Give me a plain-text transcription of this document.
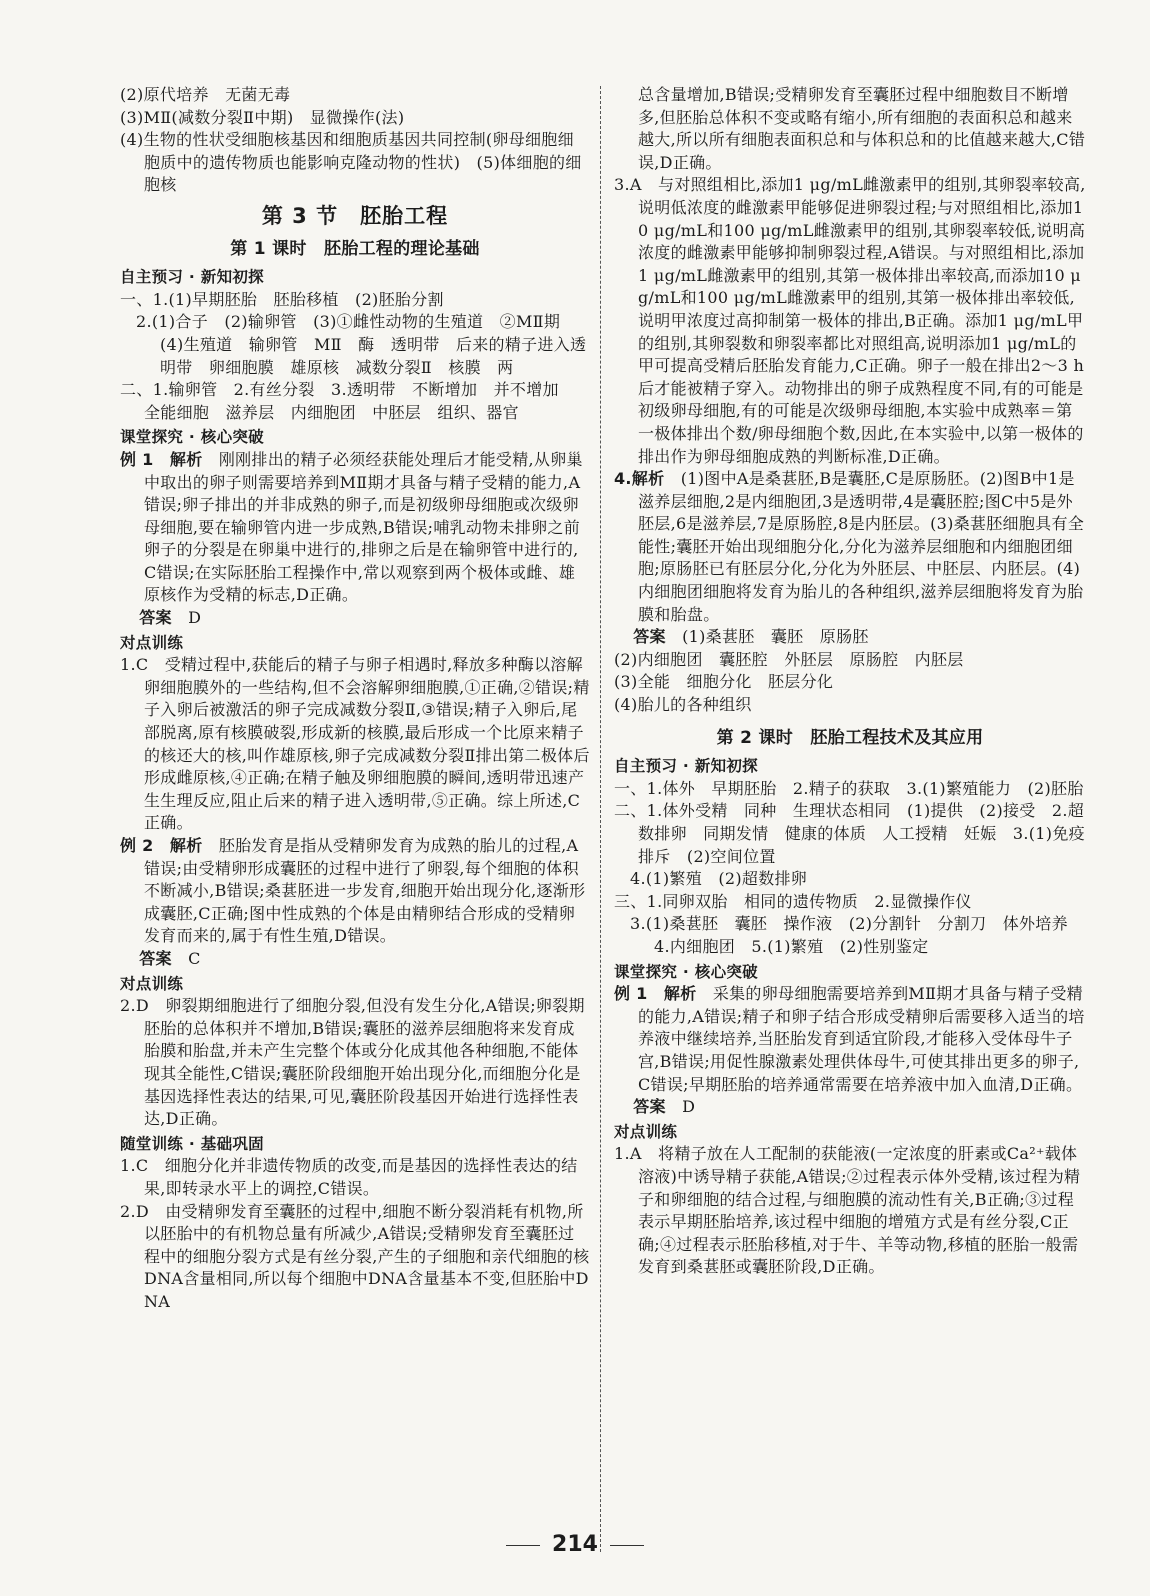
(2)原代培养　无菌无毒

(3)MⅡ(减数分裂Ⅱ中期)　显微操作(法)

(4)生物的性状受细胞核基因和细胞质基因共同控制(卵母细胞细胞质中的遗传物质也能影响克隆动物的性状)　(5)体细胞的细胞核

第 3 节　胚胎工程
第 1 课时　胚胎工程的理论基础
自主预习 · 新知初探

一、1.(1)早期胚胎　胚胎移植　(2)胚胎分割

2.(1)合子　(2)输卵管　(3)①雌性动物的生殖道　②MⅡ期　(4)生殖道　输卵管　MⅡ　酶　透明带　后来的精子进入透明带　卵细胞膜　雄原核　减数分裂Ⅱ　核膜　两

二、1.输卵管　2.有丝分裂　3.透明带　不断增加　并不增加　全能细胞　滋养层　内细胞团　中胚层　组织、器官

课堂探究 · 核心突破

例 1　解析　 刚刚排出的精子必须经获能处理后才能受精,从卵巢中取出的卵子则需要培养到MⅡ期才具备与精子受精的能力,A错误;卵子排出的并非成熟的卵子,而是初级卵母细胞或次级卵母细胞,要在输卵管内进一步成熟,B错误;哺乳动物未排卵之前卵子的分裂是在卵巢中进行的,排卵之后是在输卵管中进行的,C错误;在实际胚胎工程操作中,常以观察到两个极体或雌、雄原核作为受精的标志,D正确。

答案　 D

对点训练

1.C　受精过程中,获能后的精子与卵子相遇时,释放多种酶以溶解卵细胞膜外的一些结构,但不会溶解卵细胞膜,①正确,②错误;精子入卵后被激活的卵子完成减数分裂Ⅱ,③错误;精子入卵后,尾部脱离,原有核膜破裂,形成新的核膜,最后形成一个比原来精子的核还大的核,叫作雄原核,卵子完成减数分裂Ⅱ排出第二极体后形成雌原核,④正确;在精子触及卵细胞膜的瞬间,透明带迅速产生生理反应,阻止后来的精子进入透明带,⑤正确。综上所述,C正确。

例 2　解析　 胚胎发育是指从受精卵发育为成熟的胎儿的过程,A错误;由受精卵形成囊胚的过程中进行了卵裂,每个细胞的体积不断减小,B错误;桑葚胚进一步发育,细胞开始出现分化,逐渐形成囊胚,C正确;图中性成熟的个体是由精卵结合形成的受精卵发育而来的,属于有性生殖,D错误。

答案　 C

对点训练

2.D　卵裂期细胞进行了细胞分裂,但没有发生分化,A错误;卵裂期胚胎的总体积并不增加,B错误;囊胚的滋养层细胞将来发育成胎膜和胎盘,并未产生完整个体或分化成其他各种细胞,不能体现其全能性,C错误;囊胚阶段细胞开始出现分化,而细胞分化是基因选择性表达的结果,可见,囊胚阶段基因开始进行选择性表达,D正确。

随堂训练 · 基础巩固

1.C　细胞分化并非遗传物质的改变,而是基因的选择性表达的结果,即转录水平上的调控,C错误。

2.D　由受精卵发育至囊胚的过程中,细胞不断分裂消耗有机物,所以胚胎中的有机物总量有所减少,A错误;受精卵发育至囊胚过程中的细胞分裂方式是有丝分裂,产生的子细胞和亲代细胞的核DNA含量相同,所以每个细胞中DNA含量基本不变,但胚胎中DNA

总含量增加,B错误;受精卵发育至囊胚过程中细胞数目不断增多,但胚胎总体积不变或略有缩小,所有细胞的表面积总和越来越大,所以所有细胞表面积总和与体积总和的比值越来越大,C错误,D正确。

3.A　与对照组相比,添加1 μg/mL雌激素甲的组别,其卵裂率较高,说明低浓度的雌激素甲能够促进卵裂过程;与对照组相比,添加10 μg/mL和100 μg/mL雌激素甲的组别,其卵裂率较低,说明高浓度的雌激素甲能够抑制卵裂过程,A错误。与对照组相比,添加1 μg/mL雌激素甲的组别,其第一极体排出率较高,而添加10 μg/mL和100 μg/mL雌激素甲的组别,其第一极体排出率较低,说明甲浓度过高抑制第一极体的排出,B正确。添加1 μg/mL甲的组别,其卵裂数和卵裂率都比对照组高,说明添加1 μg/mL的甲可提高受精后胚胎发育能力,C正确。卵子一般在排出2～3 h后才能被精子穿入。动物排出的卵子成熟程度不同,有的可能是初级卵母细胞,有的可能是次级卵母细胞,本实验中成熟率＝第一极体排出个数/卵母细胞个数,因此,在本实验中,以第一极体的排出作为卵母细胞成熟的判断标准,D正确。

4.解析　 (1)图中A是桑葚胚,B是囊胚,C是原肠胚。(2)图B中1是滋养层细胞,2是内细胞团,3是透明带,4是囊胚腔;图C中5是外胚层,6是滋养层,7是原肠腔,8是内胚层。(3)桑葚胚细胞具有全能性;囊胚开始出现细胞分化,分化为滋养层细胞和内细胞团细胞;原肠胚已有胚层分化,分化为外胚层、中胚层、内胚层。(4)内细胞团细胞将发育为胎儿的各种组织,滋养层细胞将发育为胎膜和胎盘。

答案　 (1)桑葚胚　囊胚　原肠胚

(2)内细胞团　囊胚腔　外胚层　原肠腔　内胚层

(3)全能　细胞分化　胚层分化

(4)胎儿的各种组织

第 2 课时　胚胎工程技术及其应用
自主预习 · 新知初探

一、1.体外　早期胚胎　2.精子的获取　3.(1)繁殖能力　(2)胚胎

二、1.体外受精　同种　生理状态相同　(1)提供　(2)接受　2.超数排卵　同期发情　健康的体质　人工授精　妊娠　3.(1)免疫排斥　(2)空间位置

4.(1)繁殖　(2)超数排卵

三、1.同卵双胎　相同的遗传物质　2.显微操作仪

3.(1)桑葚胚　囊胚　操作液　(2)分割针　分割刀　体外培养　4.内细胞团　5.(1)繁殖　(2)性别鉴定

课堂探究 · 核心突破

例 1　解析　 采集的卵母细胞需要培养到MⅡ期才具备与精子受精的能力,A错误;精子和卵子结合形成受精卵后需要移入适当的培养液中继续培养,当胚胎发育到适宜阶段,才能移入受体母牛子宫,B错误;用促性腺激素处理供体母牛,可使其排出更多的卵子,C错误;早期胚胎的培养通常需要在培养液中加入血清,D正确。

答案　 D

对点训练

1.A　将精子放在人工配制的获能液(一定浓度的肝素或Ca²⁺载体溶液)中诱导精子获能,A错误;②过程表示体外受精,该过程为精子和卵细胞的结合过程,与细胞膜的流动性有关,B正确;③过程表示早期胚胎培养,该过程中细胞的增殖方式是有丝分裂,C正确;④过程表示胚胎移植,对于牛、羊等动物,移植的胚胎一般需发育到桑葚胚或囊胚阶段,D正确。

214
